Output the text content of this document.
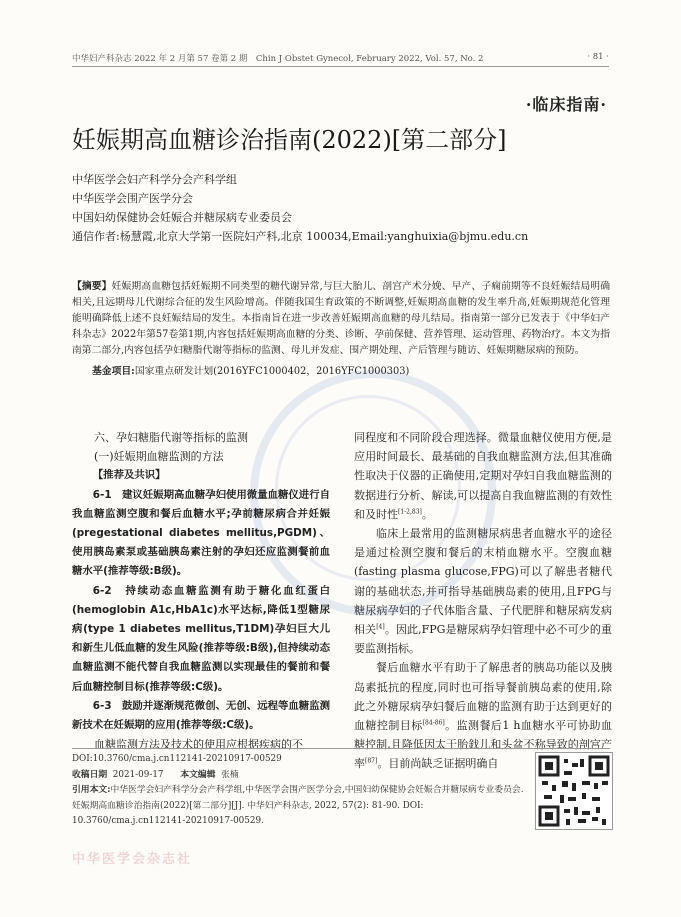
中华妇产科杂志 2022 年 2 月第 57 卷第 2 期　Chin J Obstet Gynecol, February 2022, Vol. 57, No. 2	· 81 ·
·临床指南·
妊娠期高血糖诊治指南(2022)[第二部分]
中华医学会妇产科学分会产科学组
中华医学会围产医学分会
中国妇幼保健协会妊娠合并糖尿病专业委员会
通信作者:杨慧霞,北京大学第一医院妇产科,北京 100034,Email:yanghuixia@bjmu.edu.cn
【摘要】妊娠期高血糖包括妊娠期不同类型的糖代谢异常,与巨大胎儿、剖宫产术分娩、早产、子痫前期等不良妊娠结局明确相关,且远期母儿代谢综合征的发生风险增高。伴随我国生育政策的不断调整,妊娠期高血糖的发生率升高,妊娠期规范化管理能明确降低上述不良妊娠结局的发生。本指南旨在进一步改善妊娠期高血糖的母儿结局。指南第一部分已发表于《中华妇产科杂志》2022年第57卷第1期,内容包括妊娠期高血糖的分类、诊断、孕前保健、营养管理、运动管理、药物治疗。本文为指南第二部分,内容包括孕妇糖脂代谢等指标的监测、母儿并发症、围产期处理、产后管理与随访、妊娠期糖尿病的预防。
基金项目:国家重点研发计划(2016YFC1000402，2016YFC1000303)

六、孕妇糖脂代谢等指标的监测

(一)妊娠期血糖监测的方法

【推荐及共识】

6-1　建议妊娠期高血糖孕妇使用微量血糖仪进行自我血糖监测空腹和餐后血糖水平;孕前糖尿病合并妊娠(pregestational diabetes mellitus,PGDM)、使用胰岛素泵或基础胰岛素注射的孕妇还应监测餐前血糖水平(推荐等级:B级)。

6-2　持续动态血糖监测有助于糖化血红蛋白(hemoglobin A1c,HbA1c)水平达标,降低1型糖尿病(type 1 diabetes mellitus,T1DM)孕妇巨大儿和新生儿低血糖的发生风险(推荐等级:B级),但持续动态血糖监测不能代替自我血糖监测以实现最佳的餐前和餐后血糖控制目标(推荐等级:C级)。

6-3　鼓励并逐渐规范微创、无创、远程等血糖监测新技术在妊娠期的应用(推荐等级:C级)。

血糖监测方法及技术的使用应根据疾病的不

同程度和不同阶段合理选择。微量血糖仪使用方便,是应用时间最长、最基础的自我血糖监测方法,但其准确性取决于仪器的正确使用,定期对孕妇自我血糖监测的数据进行分析、解读,可以提高自我血糖监测的有效性和及时性[1-2,83]。

临床上最常用的监测糖尿病患者血糖水平的途径是通过检测空腹和餐后的末梢血糖水平。空腹血糖(fasting plasma glucose,FPG)可以了解患者糖代谢的基础状态,并可指导基础胰岛素的使用,且FPG与糖尿病孕妇的子代体脂含量、子代肥胖和糖尿病发病相关[4]。因此,FPG是糖尿病孕妇管理中必不可少的重要监测指标。

餐后血糖水平有助于了解患者的胰岛功能以及胰岛素抵抗的程度,同时也可指导餐前胰岛素的使用,除此之外糖尿病孕妇餐后血糖的监测有助于达到更好的血糖控制目标[84-86]。监测餐后1 h血糖水平可协助血糖控制,且降低因太于胎鈛儿和头盆不称导致的剖宫产率[87]。目前尚缺乏证据明确自

DOI:10.3760/cma.j.cn112141-20210917-00529
收稿日期 2021-09-17 本文编辑 张楠
引用本文:中华医学会妇产科学分会产科学组,中华医学会围产医学分会,中国妇幼保健协会妊娠合并糖尿病专业委员会. 妊娠期高血糖诊治指南(2022)[第二部分][J]. 中华妇产科杂志, 2022, 57(2): 81-90. DOI: 10.3760/cma.j.cn112141-20210917-00529.
中华医学会杂志社
